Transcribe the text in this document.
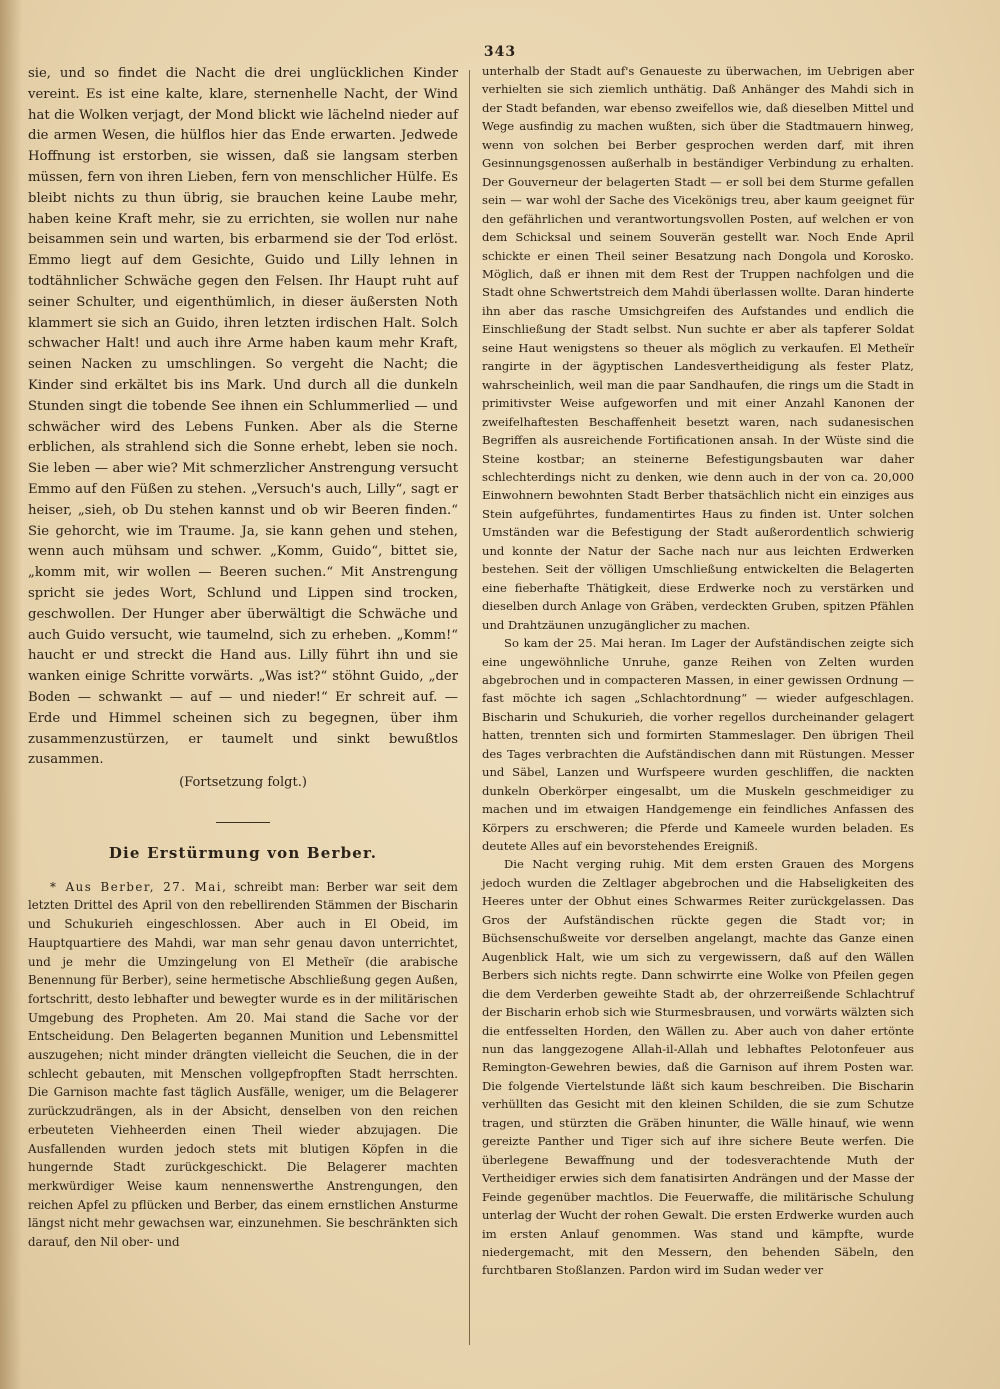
343

sie, und so findet die Nacht die drei unglücklichen Kinder vereint. Es ist eine kalte, klare, sternenhelle Nacht, der Wind hat die Wolken verjagt, der Mond blickt wie lächelnd nieder auf die armen Wesen, die hülflos hier das Ende erwarten. Jedwede Hoffnung ist erstorben, sie wissen, daß sie langsam sterben müssen, fern von ihren Lieben, fern von menschlicher Hülfe. Es bleibt nichts zu thun übrig, sie brauchen keine Laube mehr, haben keine Kraft mehr, sie zu errichten, sie wollen nur nahe beisammen sein und warten, bis erbarmend sie der Tod erlöst. Emmo liegt auf dem Gesichte, Guido und Lilly lehnen in todtähnlicher Schwäche gegen den Felsen. Ihr Haupt ruht auf seiner Schulter, und eigenthümlich, in dieser äußersten Noth klammert sie sich an Guido, ihren letzten irdischen Halt. Solch schwacher Halt! und auch ihre Arme haben kaum mehr Kraft, seinen Nacken zu umschlingen. So vergeht die Nacht; die Kinder sind erkältet bis ins Mark. Und durch all die dunkeln Stunden singt die tobende See ihnen ein Schlummerlied — und schwächer wird des Lebens Funken. Aber als die Sterne erblichen, als strahlend sich die Sonne erhebt, leben sie noch. Sie leben — aber wie? Mit schmerzlicher Anstrengung versucht Emmo auf den Füßen zu stehen. „Versuch's auch, Lilly“, sagt er heiser, „sieh, ob Du stehen kannst und ob wir Beeren finden.“ Sie gehorcht, wie im Traume. Ja, sie kann gehen und stehen, wenn auch mühsam und schwer. „Komm, Guido“, bittet sie, „komm mit, wir wollen — Beeren suchen.“ Mit Anstrengung spricht sie jedes Wort, Schlund und Lippen sind trocken, geschwollen. Der Hunger aber überwältigt die Schwäche und auch Guido versucht, wie taumelnd, sich zu erheben. „Komm!“ haucht er und streckt die Hand aus. Lilly führt ihn und sie wanken einige Schritte vorwärts. „Was ist?“ stöhnt Guido, „der Boden — schwankt — auf — und nieder!“ Er schreit auf. — Erde und Himmel scheinen sich zu begegnen, über ihm zusammenzustürzen, er taumelt und sinkt bewußtlos zusammen.

(Fortsetzung folgt.)
Die Erstürmung von Berber.

* Aus Berber, 27. Mai, schreibt man: Berber war seit dem letzten Drittel des April von den rebellirenden Stämmen der Bischarin und Schukurieh eingeschlossen. Aber auch in El Obeid, im Hauptquartiere des Mahdi, war man sehr genau davon unterrichtet, und je mehr die Umzingelung von El Metheïr (die arabische Benennung für Berber), seine hermetische Abschließung gegen Außen, fortschritt, desto lebhafter und bewegter wurde es in der militärischen Umgebung des Propheten. Am 20. Mai stand die Sache vor der Entscheidung. Den Belagerten begannen Munition und Lebensmittel auszugehen; nicht minder drängten vielleicht die Seuchen, die in der schlecht gebauten, mit Menschen vollgepfropften Stadt herrschten. Die Garnison machte fast täglich Ausfälle, weniger, um die Belagerer zurückzudrängen, als in der Absicht, denselben von den reichen erbeuteten Viehheerden einen Theil wieder abzujagen. Die Ausfallenden wurden jedoch stets mit blutigen Köpfen in die hungernde Stadt zurückgeschickt. Die Belagerer machten merkwürdiger Weise kaum nennenswerthe Anstrengungen, den reichen Apfel zu pflücken und Berber, das einem ernstlichen Ansturme längst nicht mehr gewachsen war, einzunehmen. Sie beschränkten sich darauf, den Nil ober- und

unterhalb der Stadt auf's Genaueste zu überwachen, im Uebrigen aber verhielten sie sich ziemlich unthätig. Daß Anhänger des Mahdi sich in der Stadt befanden, war ebenso zweifellos wie, daß dieselben Mittel und Wege ausfindig zu machen wußten, sich über die Stadtmauern hinweg, wenn von solchen bei Berber gesprochen werden darf, mit ihren Gesinnungsgenossen außerhalb in beständiger Verbindung zu erhalten. Der Gouverneur der belagerten Stadt — er soll bei dem Sturme gefallen sein — war wohl der Sache des Vicekönigs treu, aber kaum geeignet für den gefährlichen und verantwortungsvollen Posten, auf welchen er von dem Schicksal und seinem Souverän gestellt war. Noch Ende April schickte er einen Theil seiner Besatzung nach Dongola und Korosko. Möglich, daß er ihnen mit dem Rest der Truppen nachfolgen und die Stadt ohne Schwertstreich dem Mahdi überlassen wollte. Daran hinderte ihn aber das rasche Umsichgreifen des Aufstandes und endlich die Einschließung der Stadt selbst. Nun suchte er aber als tapferer Soldat seine Haut wenigstens so theuer als möglich zu verkaufen. El Metheïr rangirte in der ägyptischen Landesvertheidigung als fester Platz, wahrscheinlich, weil man die paar Sandhaufen, die rings um die Stadt in primitivster Weise aufgeworfen und mit einer Anzahl Kanonen der zweifelhaftesten Beschaffenheit besetzt waren, nach sudanesischen Begriffen als ausreichende Fortificationen ansah. In der Wüste sind die Steine kostbar; an steinerne Befestigungsbauten war daher schlechterdings nicht zu denken, wie denn auch in der von ca. 20,000 Einwohnern bewohnten Stadt Berber thatsächlich nicht ein einziges aus Stein aufgeführtes, fundamentirtes Haus zu finden ist. Unter solchen Umständen war die Befestigung der Stadt außerordentlich schwierig und konnte der Natur der Sache nach nur aus leichten Erdwerken bestehen. Seit der völligen Umschließung entwickelten die Belagerten eine fieberhafte Thätigkeit, diese Erdwerke noch zu verstärken und dieselben durch Anlage von Gräben, verdeckten Gruben, spitzen Pfählen und Drahtzäunen unzugänglicher zu machen.

So kam der 25. Mai heran. Im Lager der Aufständischen zeigte sich eine ungewöhnliche Unruhe, ganze Reihen von Zelten wurden abgebrochen und in compacteren Massen, in einer gewissen Ordnung — fast möchte ich sagen „Schlachtordnung“ — wieder aufgeschlagen. Bischarin und Schukurieh, die vorher regellos durcheinander gelagert hatten, trennten sich und formirten Stammeslager. Den übrigen Theil des Tages verbrachten die Aufständischen dann mit Rüstungen. Messer und Säbel, Lanzen und Wurfspeere wurden geschliffen, die nackten dunkeln Oberkörper eingesalbt, um die Muskeln geschmeidiger zu machen und im etwaigen Handgemenge ein feindliches Anfassen des Körpers zu erschweren; die Pferde und Kameele wurden beladen. Es deutete Alles auf ein bevorstehendes Ereigniß.

Die Nacht verging ruhig. Mit dem ersten Grauen des Morgens jedoch wurden die Zeltlager abgebrochen und die Habseligkeiten des Heeres unter der Obhut eines Schwarmes Reiter zurückgelassen. Das Gros der Aufständischen rückte gegen die Stadt vor; in Büchsenschußweite vor derselben angelangt, machte das Ganze einen Augenblick Halt, wie um sich zu vergewissern, daß auf den Wällen Berbers sich nichts regte. Dann schwirrte eine Wolke von Pfeilen gegen die dem Verderben geweihte Stadt ab, der ohrzerreißende Schlachtruf der Bischarin erhob sich wie Sturmesbrausen, und vorwärts wälzten sich die entfesselten Horden, den Wällen zu. Aber auch von daher ertönte nun das langgezogene Allah-il-Allah und lebhaftes Pelotonfeuer aus Remington-Gewehren bewies, daß die Garnison auf ihrem Posten war. Die folgende Viertelstunde läßt sich kaum beschreiben. Die Bischarin verhüllten das Gesicht mit den kleinen Schilden, die sie zum Schutze tragen, und stürzten die Gräben hinunter, die Wälle hinauf, wie wenn gereizte Panther und Tiger sich auf ihre sichere Beute werfen. Die überlegene Bewaffnung und der todesverachtende Muth der Vertheidiger erwies sich dem fanatisirten Andrängen und der Masse der Feinde gegenüber machtlos. Die Feuerwaffe, die militärische Schulung unterlag der Wucht der rohen Gewalt. Die ersten Erdwerke wurden auch im ersten Anlauf genommen. Was stand und kämpfte, wurde niedergemacht, mit den Messern, den behenden Säbeln, den furchtbaren Stoßlanzen. Pardon wird im Sudan weder ver
